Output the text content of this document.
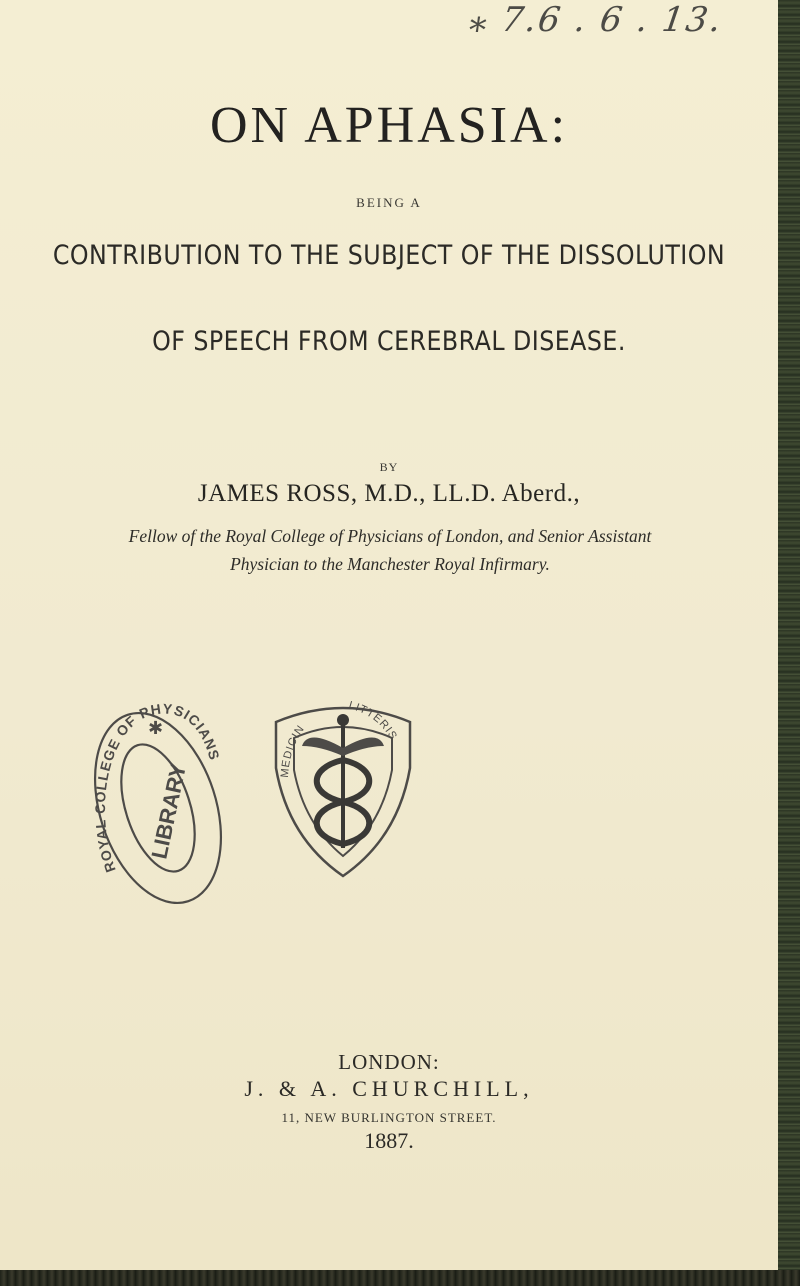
⁎ 7.6 . 6 . 13.
ON APHASIA:
BEING A
CONTRIBUTION TO THE SUBJECT OF THE DISSOLUTION
OF SPEECH FROM CEREBRAL DISEASE.
BY
JAMES ROSS, M.D., LL.D. Aberd.,
Fellow of the Royal College of Physicians of London, and Senior Assistant
Physician to the Manchester Royal Infirmary.
ROYAL COLLEGE OF PHYSICIANS
LIBRARY
✱
MEDICIN
LITTERIS
LONDON:
J. & A. CHURCHILL,
11, NEW BURLINGTON STREET.
1887.
